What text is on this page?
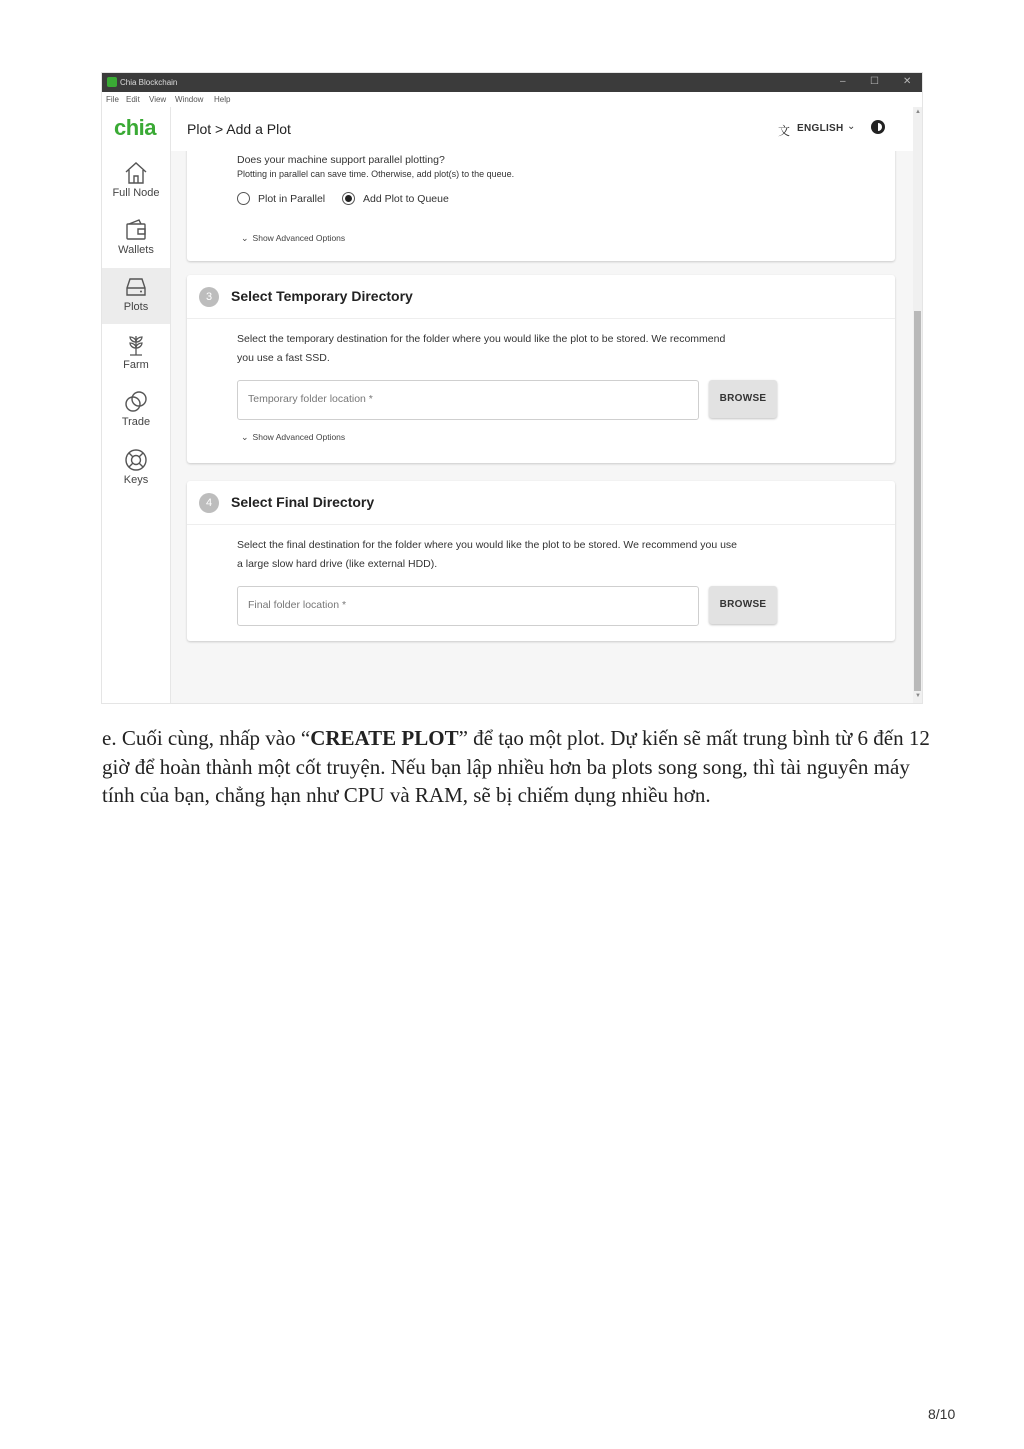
Chia Blockchain	– ☐ ✕
File Edit View Window Help
chia
Full Node
Wallets
Plots
Farm
Trade
Keys
Plot > Add a Plot	文 ENGLISH ⌄
Does your machine support parallel plotting?
Plotting in parallel can save time. Otherwise, add plot(s) to the queue.
Plot in Parallel	Add Plot to Queue
⌄ Show Advanced Options
3	Select Temporary Directory
Select the temporary destination for the folder where you would like the plot to be stored. We recommend
you use a fast SSD.
Temporary folder location *	BROWSE
⌄ Show Advanced Options
4	Select Final Directory
Select the final destination for the folder where you would like the plot to be stored. We recommend you use
a large slow hard drive (like external HDD).
Final folder location *	BROWSE
▲
▼
e. Cuối cùng, nhấp vào “CREATE PLOT” để tạo một plot. Dự kiến sẽ mất trung bình từ 6 đến 12 giờ để hoàn thành một cốt truyện. Nếu bạn lập nhiều hơn ba plots song song, thì tài nguyên máy tính của bạn, chẳng hạn như CPU và RAM, sẽ bị chiếm dụng nhiều hơn.
8/10
